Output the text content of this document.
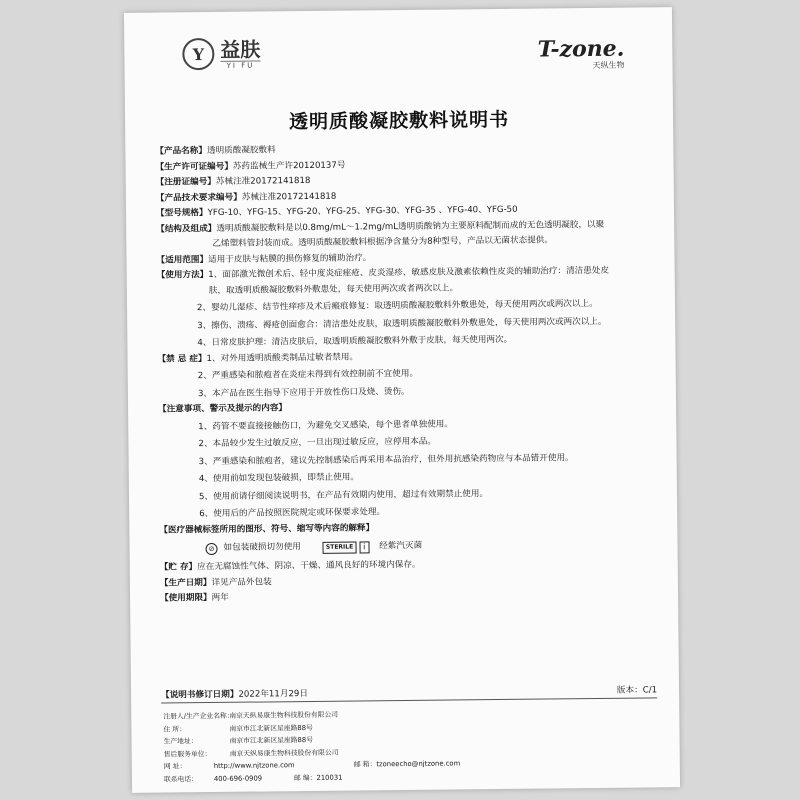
Y 益肤
YI FU
T-zone.
天纵生物
透明质酸凝胶敷料说明书
【产品名称】透明质酸凝胶敷料
【生产许可证编号】苏药监械生产许20120137号
【注册证编号】苏械注准20172141818
【产品技术要求编号】苏械注准20172141818
【型号规格】YFG-10、YFG-15、YFG-20、YFG-25、YFG-30、YFG-35 、YFG-40、YFG-50
【结构及组成】透明质酸凝胶敷料是以0.8mg/mL～1.2mg/mL透明质酸钠为主要原料配制而成的无色透明凝胶，以聚
乙烯塑料管封装而成。透明质酸凝胶敷料根据净含量分为8种型号，产品以无菌状态提供。
【适用范围】适用于皮肤与粘膜的损伤修复的辅助治疗。
【使用方法】1、面部激光微创术后、轻中度炎症痤疮、皮炎湿疹、敏感皮肤及激素依赖性皮炎的辅助治疗：清洁患处皮
肤，取透明质酸凝胶敷料外敷患处，每天使用两次或者两次以上。
2、婴幼儿湿疹、结节性痒疹及术后瘢痕修复：取透明质酸凝胶敷料外敷患处，每天使用两次或两次以上。
3、擦伤、溃疡、褥疮创面愈合：清洁患处皮肤，取透明质酸凝胶敷料外敷患处，每天使用两次或两次以上。
4、日常皮肤护理：清洁皮肤后，取透明质酸凝胶敷料外敷于皮肤，每天使用两次。
【禁 忌 症】1、对外用透明质酸类制品过敏者禁用。
2、严重感染和脓疱者在炎症未得到有效控制前不宜使用。
3、本产品在医生指导下应用于开放性伤口及烧、烫伤。
【注意事项、警示及提示的内容】
1、药管不要直接接触伤口，为避免交叉感染，每个患者单独使用。
2、本品较少发生过敏反应，一旦出现过敏反应，应停用本品。
3、严重感染和脓疱者，建议先控制感染后再采用本品治疗，但外用抗感染药物应与本品错开使用。
4、使用前如发现包装破损，即禁止使用。
5、使用前请仔细阅读说明书，在产品有效期内使用，超过有效期禁止使用。
6、使用后的产品按照医院规定或环保要求处理。
【医疗器械标签所用的图形、符号、缩写等内容的解释】
⊘	如包装破损切勿使用	STERILE	i	经紫汽灭菌
【贮 存】应在无腐蚀性气体、阴凉、干燥、通风良好的环境内保存。
【生产日期】详见产品外包装
【使用期限】两年
【说明书修订日期】2022年11月29日	版本：C/1
注册人/生产企业名称：南京天纵易康生物科技股份有限公司
住 所：	南京市江北新区星座路88号
生产地址：	南京市江北新区星座路88号
售后服务单位：	南京天纵易康生物科技股份有限公司
网 址：	http://www.njtzone.com	邮 箱：tzoneecho@njtzone.com
联系电话： 400-696-0909	邮 编：210031
